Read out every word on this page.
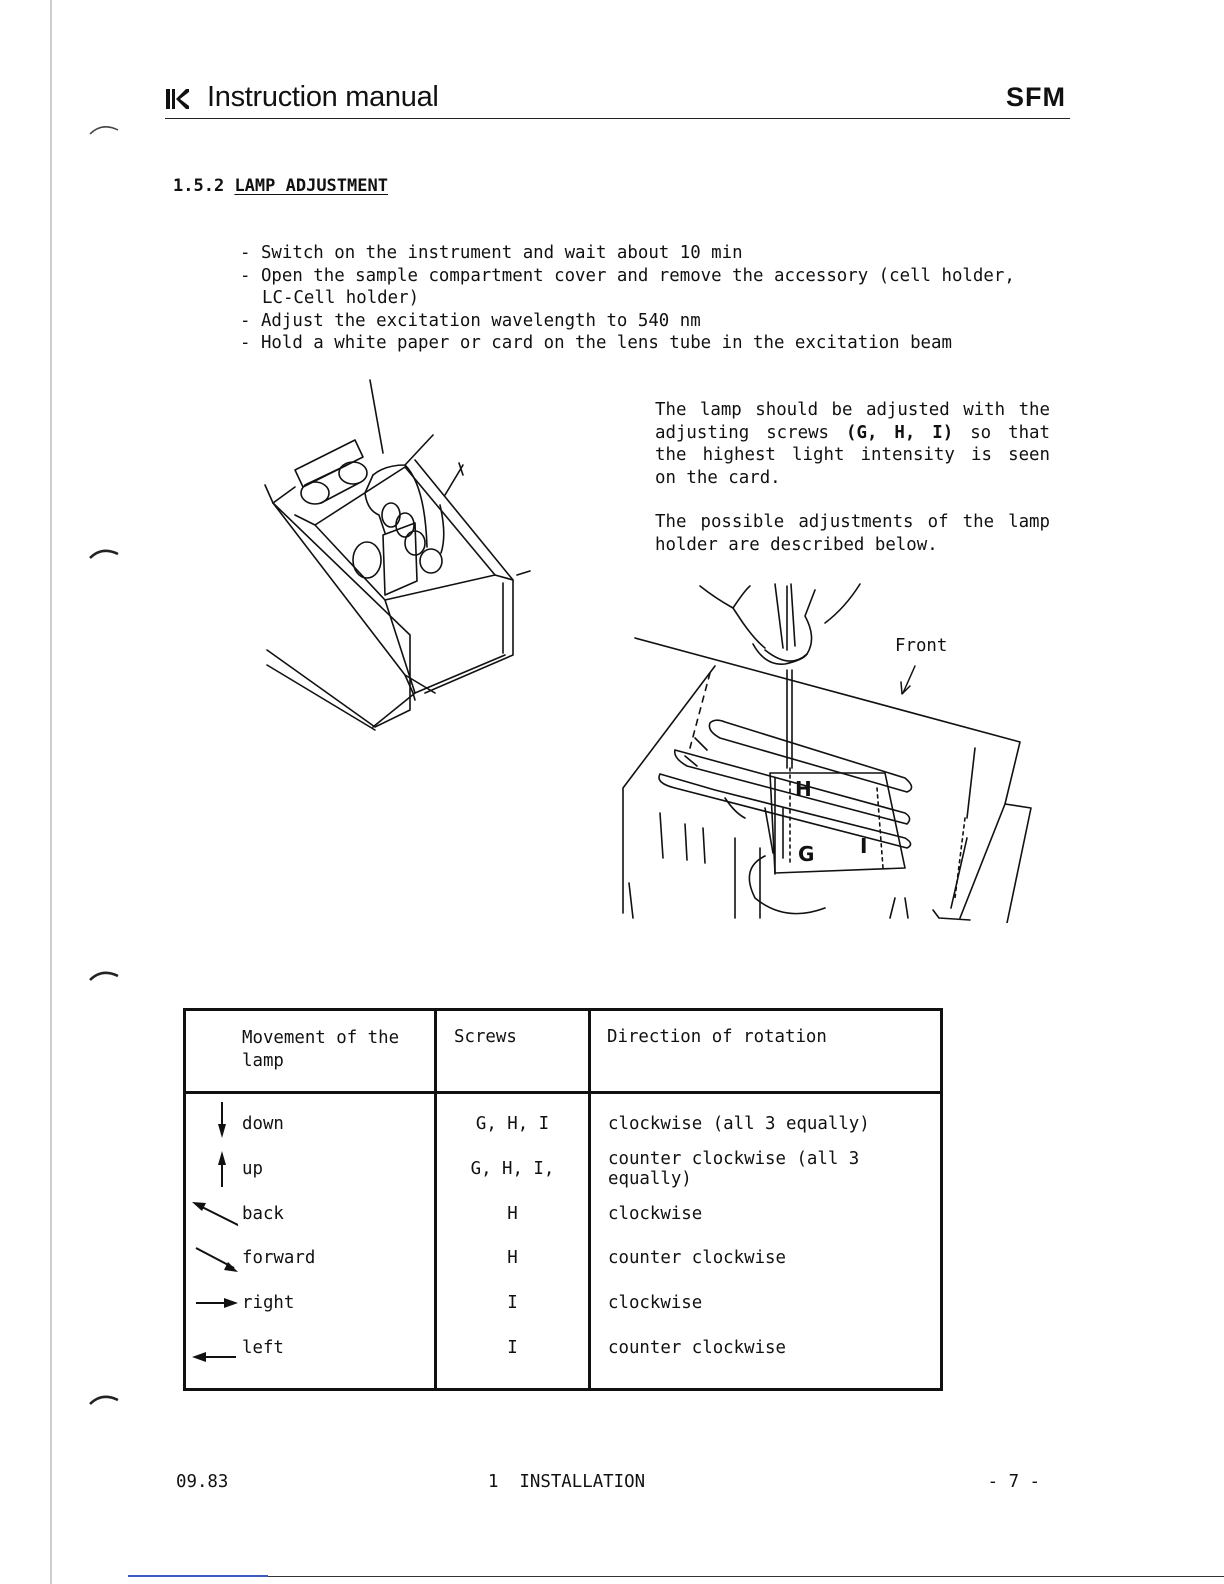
Instruction manual	SFM
1.5.2 LAMP ADJUSTMENT
- Switch on the instrument and wait about 10 min
- Open the sample compartment cover and remove the accessory (cell holder, LC-Cell holder)
- Adjust the excitation wavelength to 540 nm
- Hold a white paper or card on the lens tube in the excitation beam

The lamp should be adjusted with the adjusting screws (G, H, I) so that the highest light intensity is seen on the card.

The possible adjustments of the lamp holder are described below.

H
G I
Front
Movement of the lamp	Screws	Direction of rotation

down	G, H, I	clockwise (all 3 equally)

up	G, H, I,	counter clockwise (all 3 equally)

back	H	clockwise

forward	H	counter clockwise

right	I	clockwise

left	I	counter clockwise
09.83	1  INSTALLATION	- 7 -
